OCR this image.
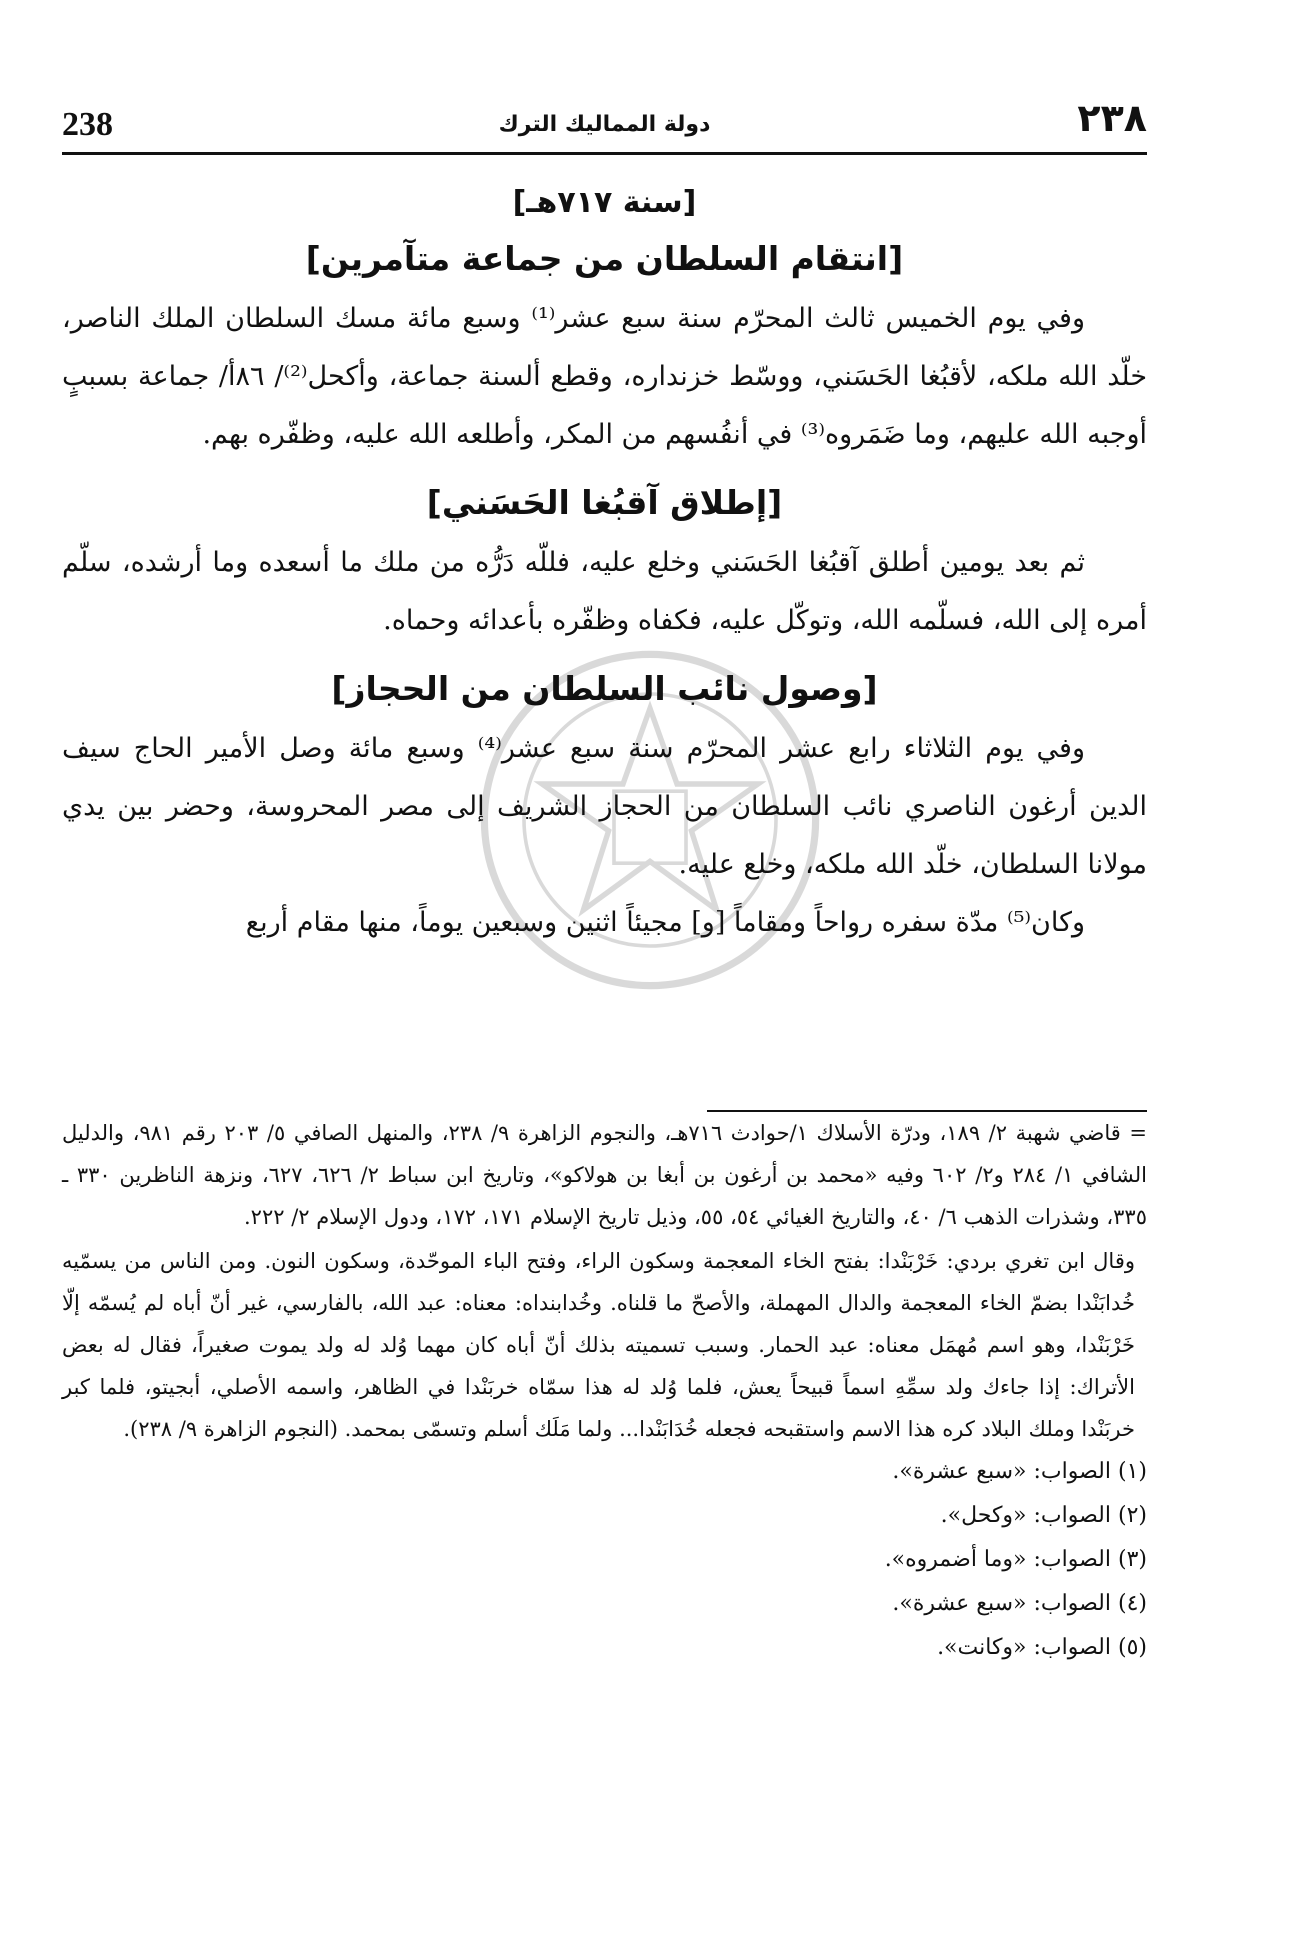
238	دولة المماليك الترك	٢٣٨

[سنة ٧١٧هـ]

[انتقام السلطان من جماعة متآمرين]

وفي يوم الخميس ثالث المحرّم سنة سبع عشر⁽¹⁾ وسبع مائة مسك السلطان الملك الناصر، خلّد الله ملكه، لأقبُغا الحَسَني، ووسّط خزنداره، وقطع ألسنة جماعة، وأكحل⁽²⁾/ ٨٦أ/ جماعة بسببٍ أوجبه الله عليهم، وما ضَمَروه⁽³⁾ في أنفُسهم من المكر، وأطلعه الله عليه، وظفّره بهم.

[إطلاق آقبُغا الحَسَني]

ثم بعد يومين أطلق آقبُغا الحَسَني وخلع عليه، فللّه دَرُّه من ملك ما أسعده وما أرشده، سلّم أمره إلى الله، فسلّمه الله، وتوكّل عليه، فكفاه وظفّره بأعدائه وحماه.

[وصول نائب السلطان من الحجاز]

وفي يوم الثلاثاء رابع عشر المحرّم سنة سبع عشر⁽⁴⁾ وسبع مائة وصل الأمير الحاج سيف الدين أرغون الناصري نائب السلطان من الحجاز الشريف إلى مصر المحروسة، وحضر بين يدي مولانا السلطان، خلّد الله ملكه، وخلع عليه.

وكان⁽⁵⁾ مدّة سفره رواحاً ومقاماً [و] مجيئاً اثنين وسبعين يوماً، منها مقام أربع

= قاضي شهبة ٢/ ١٨٩، ودرّة الأسلاك ١/حوادث ٧١٦هـ، والنجوم الزاهرة ٩/ ٢٣٨، والمنهل الصافي ٥/ ٢٠٣ رقم ٩٨١، والدليل الشافي ١/ ٢٨٤ و٢/ ٦٠٢ وفيه «محمد بن أرغون بن أبغا بن هولاكو»، وتاريخ ابن سباط ٢/ ٦٢٦، ٦٢٧، ونزهة الناظرين ٣٣٠ ـ ٣٣٥، وشذرات الذهب ٦/ ٤٠، والتاريخ الغيائي ٥٤، ٥٥، وذيل تاريخ الإسلام ١٧١، ١٧٢، ودول الإسلام ٢/ ٢٢٢.

وقال ابن تغري بردي: خَرْبَنْدا: بفتح الخاء المعجمة وسكون الراء، وفتح الباء الموحّدة، وسكون النون. ومن الناس من يسمّيه خُدابَنْدا بضمّ الخاء المعجمة والدال المهملة، والأصحّ ما قلناه. وخُدابنداه: معناه: عبد الله، بالفارسي، غير أنّ أباه لم يُسمّه إلّا خَرْبَنْدا، وهو اسم مُهمَل معناه: عبد الحمار. وسبب تسميته بذلك أنّ أباه كان مهما وُلد له ولد يموت صغيراً، فقال له بعض الأتراك: إذا جاءك ولد سمِّهِ اسماً قبيحاً يعش، فلما وُلد له هذا سمّاه خربَنْدا في الظاهر، واسمه الأصلي، أبجيتو، فلما كبر خربَنْدا وملك البلاد كره هذا الاسم واستقبحه فجعله خُدَابَنْدا... ولما مَلَك أسلم وتسمّى بمحمد. (النجوم الزاهرة ٩/ ٢٣٨).

(١) الصواب: «سبع عشرة».

(٢) الصواب: «وكحل».

(٣) الصواب: «وما أضمروه».

(٤) الصواب: «سبع عشرة».

(٥) الصواب: «وكانت».
